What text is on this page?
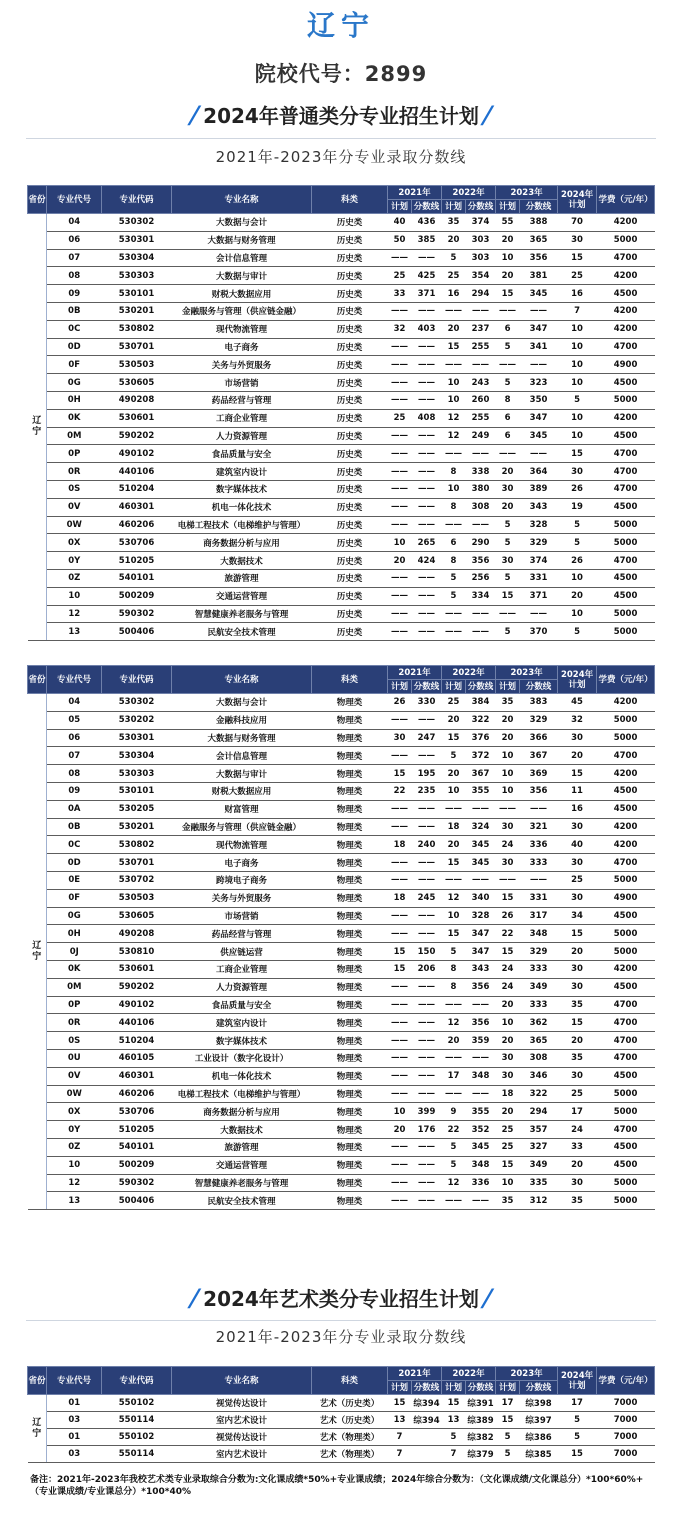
辽宁
院校代号：2899
/2024年普通类分专业招生计划/
2021年-2023年分专业录取分数线
省份	专业代号	专业代码	专业名称	科类	2021年		2022年		2023年		2024年计划	学费（元/年）
					计划	分数线	计划	分数线	计划	分数线		

辽宁	04	530302	大数据与会计	历史类	40	436	35	374	55	388	70	4200
	06	530301	大数据与财务管理	历史类	50	385	20	303	20	365	30	5000
	07	530304	会计信息管理	历史类	——	——	5	303	10	356	15	4700
	08	530303	大数据与审计	历史类	25	425	25	354	20	381	25	4200
	09	530101	财税大数据应用	历史类	33	371	16	294	15	345	16	4500
	0B	530201	金融服务与管理（供应链金融）	历史类	——	——	——	——	——	——	7	4200
	0C	530802	现代物流管理	历史类	32	403	20	237	6	347	10	4200
	0D	530701	电子商务	历史类	——	——	15	255	5	341	10	4700
	0F	530503	关务与外贸服务	历史类	——	——	——	——	——	——	10	4900
	0G	530605	市场营销	历史类	——	——	10	243	5	323	10	4500
	0H	490208	药品经营与管理	历史类	——	——	10	260	8	350	5	5000
	0K	530601	工商企业管理	历史类	25	408	12	255	6	347	10	4200
	0M	590202	人力资源管理	历史类	——	——	12	249	6	345	10	4500
	0P	490102	食品质量与安全	历史类	——	——	——	——	——	——	15	4700
	0R	440106	建筑室内设计	历史类	——	——	8	338	20	364	30	4700
	0S	510204	数字媒体技术	历史类	——	——	10	380	30	389	26	4700
	0V	460301	机电一体化技术	历史类	——	——	8	308	20	343	19	4500
	0W	460206	电梯工程技术（电梯维护与管理）	历史类	——	——	——	——	5	328	5	5000
	0X	530706	商务数据分析与应用	历史类	10	265	6	290	5	329	5	5000
	0Y	510205	大数据技术	历史类	20	424	8	356	30	374	26	4700
	0Z	540101	旅游管理	历史类	——	——	5	256	5	331	10	4500
	10	500209	交通运营管理	历史类	——	——	5	334	15	371	20	4500
	12	590302	智慧健康养老服务与管理	历史类	——	——	——	——	——	——	10	5000
	13	500406	民航安全技术管理	历史类	——	——	——	——	5	370	5	5000
省份	专业代号	专业代码	专业名称	科类	2021年		2022年		2023年		2024年计划	学费（元/年）
					计划	分数线	计划	分数线	计划	分数线		

辽宁	04	530302	大数据与会计	物理类	26	330	25	384	35	383	45	4200
	05	530202	金融科技应用	物理类	——	——	20	322	20	329	32	5000
	06	530301	大数据与财务管理	物理类	30	247	15	376	20	366	30	5000
	07	530304	会计信息管理	物理类	——	——	5	372	10	367	20	4700
	08	530303	大数据与审计	物理类	15	195	20	367	10	369	15	4200
	09	530101	财税大数据应用	物理类	22	235	10	355	10	356	11	4500
	0A	530205	财富管理	物理类	——	——	——	——	——	——	16	4500
	0B	530201	金融服务与管理（供应链金融）	物理类	——	——	18	324	30	321	30	4200
	0C	530802	现代物流管理	物理类	18	240	20	345	24	336	40	4200
	0D	530701	电子商务	物理类	——	——	15	345	30	333	30	4700
	0E	530702	跨境电子商务	物理类	——	——	——	——	——	——	25	5000
	0F	530503	关务与外贸服务	物理类	18	245	12	340	15	331	30	4900
	0G	530605	市场营销	物理类	——	——	10	328	26	317	34	4500
	0H	490208	药品经营与管理	物理类	——	——	15	347	22	348	15	5000
	0J	530810	供应链运营	物理类	15	150	5	347	15	329	20	5000
	0K	530601	工商企业管理	物理类	15	206	8	343	24	333	30	4200
	0M	590202	人力资源管理	物理类	——	——	8	356	24	349	30	4500
	0P	490102	食品质量与安全	物理类	——	——	——	——	20	333	35	4700
	0R	440106	建筑室内设计	物理类	——	——	12	356	10	362	15	4700
	0S	510204	数字媒体技术	物理类	——	——	20	359	20	365	20	4700
	0U	460105	工业设计（数字化设计）	物理类	——	——	——	——	30	308	35	4700
	0V	460301	机电一体化技术	物理类	——	——	17	348	30	346	30	4500
	0W	460206	电梯工程技术（电梯维护与管理）	物理类	——	——	——	——	18	322	25	5000
	0X	530706	商务数据分析与应用	物理类	10	399	9	355	20	294	17	5000
	0Y	510205	大数据技术	物理类	20	176	22	352	25	357	24	4700
	0Z	540101	旅游管理	物理类	——	——	5	345	25	327	33	4500
	10	500209	交通运营管理	物理类	——	——	5	348	15	349	20	4500
	12	590302	智慧健康养老服务与管理	物理类	——	——	12	336	10	335	30	5000
	13	500406	民航安全技术管理	物理类	——	——	——	——	35	312	35	5000
/2024年艺术类分专业招生计划/
2021年-2023年分专业录取分数线
省份	专业代号	专业代码	专业名称	科类	2021年		2022年		2023年		2024年计划	学费（元/年）
					计划	分数线	计划	分数线	计划	分数线		

辽宁	01	550102	视觉传达设计	艺术（历史类）	15	综394	15	综391	17	综398	17	7000
	03	550114	室内艺术设计	艺术（历史类）	13	综394	13	综389	15	综397	5	7000
	01	550102	视觉传达设计	艺术（物理类）	7		5	综382	5	综386	5	7000
	03	550114	室内艺术设计	艺术（物理类）	7		7	综379	5	综385	15	7000
备注：2021年-2023年我校艺术类专业录取综合分数为:文化课成绩*50%+专业课成绩；2024年综合分数为：（文化课成绩/文化课总分）*100*60%+（专业课成绩/专业课总分）*100*40%
